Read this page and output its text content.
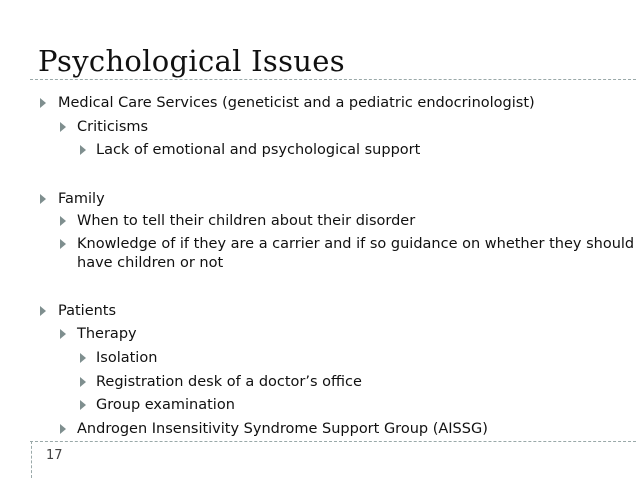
Psychological Issues
Medical Care Services (geneticist and a pediatric endocrinologist)
Criticisms
Lack of emotional and psychological support
Family
When to tell their children about their disorder
Knowledge of if they are a carrier and if so guidance on whether they should
have children or not
Patients
Therapy
Isolation
Registration desk of a doctor’s office
Group examination
Androgen Insensitivity Syndrome Support Group (AISSG)
17
